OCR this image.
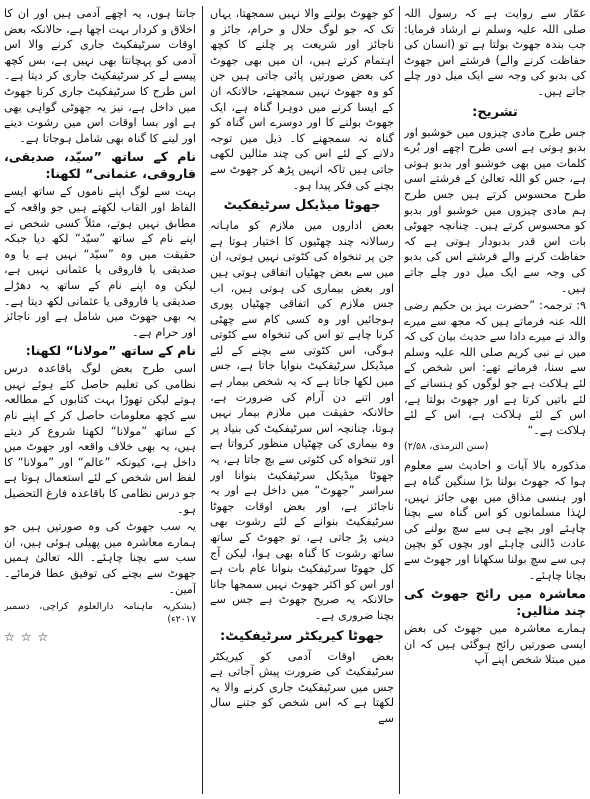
عمّار سے روایت ہے کہ رسول اللہ صلی اللہ علیہ وسلم نے ارشاد فرمایا: جب بندہ جھوٹ بولتا ہے تو (انسان کی حفاظت کرنے والے) فرشتے اس جھوٹ کی بدبو کی وجہ سے ایک میل دور چلے جاتے ہیں۔

تشریح:

جس طرح مادی چیزوں میں خوشبو اور بدبو ہوتی ہے اسی طرح اچھے اور بُرے کلمات میں بھی خوشبو اور بدبو ہوتی ہے، جس کو اللہ تعالیٰ کے فرشتے اسی طرح محسوس کرتے ہیں جس طرح ہم مادی چیزوں میں خوشبو اور بدبو کو محسوس کرتے ہیں۔ چنانچہ جھوٹی بات اس قدر بدبودار ہوتی ہے کہ حفاظت کرنے والے فرشتے اس کی بدبو کی وجہ سے ایک میل دور چلے جاتے ہیں۔

۹: ترجمہ: ”حضرت بہز بن حکیم رضی اللہ عنہ فرماتے ہیں کہ مجھ سے میرے والد نے میرے دادا سے حدیث بیان کی کہ میں نے نبی کریم صلی اللہ علیہ وسلم سے سنا، فرماتے تھے: اس شخص کے لئے ہلاکت ہے جو لوگوں کو ہنسانے کے لئے باتیں کرتا ہے اور جھوٹ بولتا ہے، اس کے لئے ہلاکت ہے، اس کے لئے ہلاکت ہے۔“

(سنن الترمذی، ۲/۵۸)

مذکورہ بالا آیات و احادیث سے معلوم ہوا کہ جھوٹ بولنا بڑا سنگین گناہ ہے اور ہنسی مذاق میں بھی جائز نہیں، لہٰذا مسلمانوں کو اس گناہ سے بچنا چاہئے اور بچے ہی سے سچ بولنے کی عادت ڈالنی چاہئے اور بچوں کو بچپن ہی سے سچ بولنا سکھانا اور جھوٹ سے بچانا چاہئے۔

معاشرہ میں رائج جھوٹ کی چند مثالیں:

ہمارے معاشرہ میں جھوٹ کی بعض ایسی صورتیں رائج ہوگئی ہیں کہ ان میں مبتلا شخص اپنے آپ

کو جھوٹ بولنے والا نہیں سمجھتا، یہاں تک کہ جو لوگ حلال و حرام، جائز و ناجائز اور شریعت پر چلنے کا کچھ اہتمام کرتے ہیں، ان میں بھی جھوٹ کی بعض صورتیں پائی جاتی ہیں جن کو وہ جھوٹ نہیں سمجھتے، حالانکہ ان کے ایسا کرنے میں دوہرا گناہ ہے، ایک جھوٹ بولنے کا اور دوسرے اس گناہ کو گناہ نہ سمجھنے کا۔ ذیل میں توجہ دلانے کے لئے اس کی چند مثالیں لکھی جاتی ہیں تاکہ انہیں پڑھ کر جھوٹ سے بچنے کی فکر پیدا ہو۔

جھوٹا میڈیکل سرٹیفکیٹ

بعض اداروں میں ملازم کو ماہانہ رسالانہ چند چھٹیوں کا اختیار ہوتا ہے جن پر تنخواہ کی کٹوتی نہیں ہوتی، ان میں سے بعض چھٹیاں اتفاقی ہوتی ہیں اور بعض بیماری کی ہوتی ہیں، اب جس ملازم کی اتفاقی چھٹیاں پوری ہوجائیں اور وہ کسی کام سے چھٹی کرنا چاہے تو اس کی تنخواہ سے کٹوتی ہوگی، اس کٹوتی سے بچنے کے لئے میڈیکل سرٹیفکیٹ بنوایا جاتا ہے، جس میں لکھا جاتا ہے کہ یہ شخص بیمار ہے اور اتنے دن آرام کی ضرورت ہے، حالانکہ حقیقت میں ملازم بیمار نہیں ہوتا، چنانچہ اس سرٹیفکیٹ کی بنیاد پر وہ بیماری کی چھٹیاں منظور کرواتا ہے اور تنخواہ کی کٹوتی سے بچ جاتا ہے، یہ جھوٹا میڈیکل سرٹیفکیٹ بنوانا اور سراسر ”جھوٹ“ میں داخل ہے اور یہ ناجائز ہے، اور بعض اوقات جھوٹا سرٹیفکیٹ بنوانے کے لئے رشوت بھی دینی پڑ جاتی ہے، تو جھوٹ کے ساتھ ساتھ رشوت کا گناہ بھی ہوا، لیکن آج کل جھوٹا سرٹیفکیٹ بنوانا عام بات ہے اور اس کو اکثر جھوٹ نہیں سمجھا جاتا حالانکہ یہ صریح جھوٹ ہے جس سے بچنا ضروری ہے۔

جھوٹا کیریکٹر سرٹیفکیٹ:

بعض اوقات آدمی کو کیریکٹر سرٹیفکیٹ کی ضرورت پیش آجاتی ہے جس میں سرٹیفکیٹ جاری کرنے والا یہ لکھتا ہے کہ اس شخص کو جتنے سال سے

جانتا ہوں، یہ اچھے آدمی ہیں اور ان کا اخلاق و کردار بہت اچھا ہے، حالانکہ بعض اوقات سرٹیفکیٹ جاری کرنے والا اس آدمی کو پہچانتا بھی نہیں ہے، بس کچھ پیسے لے کر سرٹیفکیٹ جاری کر دیتا ہے۔ اس طرح کا سرٹیفکیٹ جاری کرنا جھوٹ میں داخل ہے، نیز یہ جھوٹی گواہی بھی ہے اور بسا اوقات اس میں رشوت دینے اور لینے کا گناہ بھی شامل ہوجاتا ہے۔

نام کے ساتھ ”سیّد، صدیقی، فاروقی، عثمانی“ لکھنا:

بہت سے لوگ اپنے ناموں کے ساتھ ایسے الفاظ اور القاب لکھتے ہیں جو واقعہ کے مطابق نہیں ہوتے، مثلاً کسی شخص نے اپنے نام کے ساتھ ”سیّد“ لکھ دیا جبکہ حقیقت میں وہ ”سیّد“ نہیں ہے یا وہ صدیقی یا فاروقی یا عثمانی نہیں ہے، لیکن وہ اپنے نام کے ساتھ یہ دھڑلے صدیقی یا فاروقی یا عثمانی لکھ دیتا ہے۔ یہ بھی جھوٹ میں شامل ہے اور ناجائز اور حرام ہے۔

نام کے ساتھ ”مولانا“ لکھنا:

اسی طرح بعض لوگ باقاعدہ درس نظامی کی تعلیم حاصل کئے ہوئے نہیں ہوتے لیکن تھوڑا بہت کتابوں کے مطالعہ سے کچھ معلومات حاصل کر کے اپنے نام کے ساتھ ”مولانا“ لکھنا شروع کر دیتے ہیں، یہ بھی خلاف واقعہ اور جھوٹ میں داخل ہے، کیونکہ ”عالم“ اور ”مولانا“ کا لفظ اس شخص کے لئے استعمال ہوتا ہے جو درس نظامی کا باقاعدہ فارغ التحصیل ہو۔

یہ سب جھوٹ کی وہ صورتیں ہیں جو ہمارے معاشرہ میں پھیلی ہوئی ہیں، ان سب سے بچنا چاہئے۔ اللہ تعالیٰ ہمیں جھوٹ سے بچنے کی توفیق عطا فرمائے۔ آمین۔

(بشکریہ ماہنامہ دارالعلوم کراچی، دسمبر ۲۰۱۷ء)
☆☆☆
